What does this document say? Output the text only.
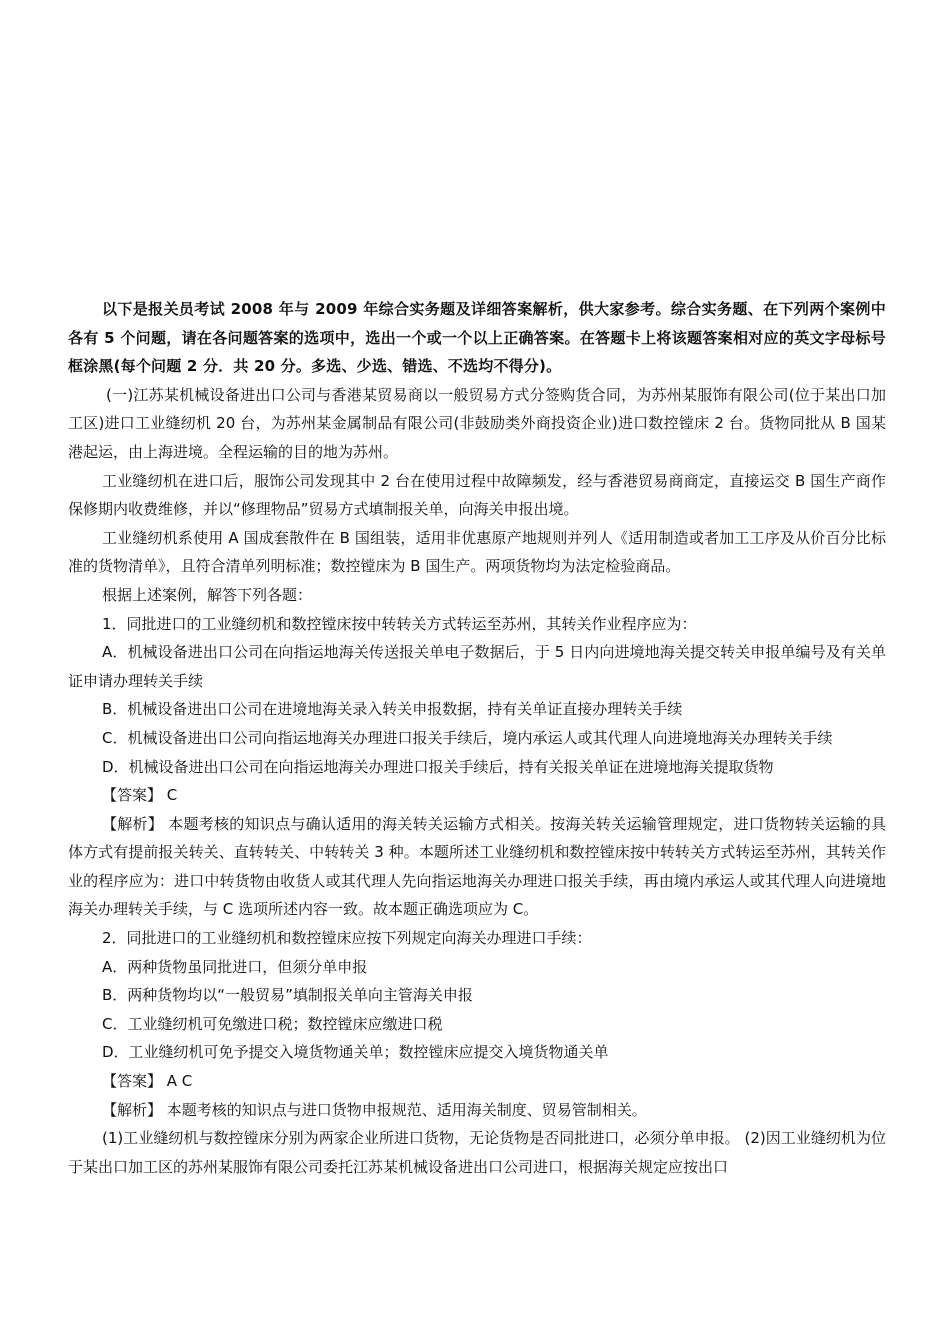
以下是报关员考试 2008 年与 2009 年综合实务题及详细答案解析，供大家参考。综合实务题、在下列两个案例中各有 5 个问题，请在各问题答案的选项中，选出一个或一个以上正确答案。在答题卡上将该题答案相对应的英文字母标号框涂黑(每个问题 2 分．共 20 分。多选、少选、错选、不选均不得分)。

(一)江苏某机械设备进出口公司与香港某贸易商以一般贸易方式分签购货合同，为苏州某服饰有限公司(位于某出口加工区)进口工业缝纫机 20 台，为苏州某金属制品有限公司(非鼓励类外商投资企业)进口数控镗床 2 台。货物同批从 B 国某港起运，由上海进境。全程运输的目的地为苏州。

工业缝纫机在进口后，服饰公司发现其中 2 台在使用过程中故障频发，经与香港贸易商商定，直接运交 B 国生产商作保修期内收费维修，并以“修理物品”贸易方式填制报关单，向海关申报出境。

工业缝纫机系使用 A 国成套散件在 B 国组装，适用非优惠原产地规则并列人《适用制造或者加工工序及从价百分比标准的货物清单》，且符合清单列明标准；数控镗床为 B 国生产。两项货物均为法定检验商品。

根据上述案例，解答下列各题：

1．同批进口的工业缝纫机和数控镗床按中转转关方式转运至苏州，其转关作业程序应为：

A．机械设备进出口公司在向指运地海关传送报关单电子数据后，于 5 日内向进境地海关提交转关申报单编号及有关单证申请办理转关手续

B．机械设备进出口公司在进境地海关录入转关申报数据，持有关单证直接办理转关手续

C．机械设备进出口公司向指运地海关办理进口报关手续后，境内承运人或其代理人向进境地海关办理转关手续

D．机械设备进出口公司在向指运地海关办理进口报关手续后，持有关报关单证在进境地海关提取货物

【答案】 C

【解析】 本题考核的知识点与确认适用的海关转关运输方式相关。按海关转关运输管理规定，进口货物转关运输的具体方式有提前报关转关、直转转关、中转转关 3 种。本题所述工业缝纫机和数控镗床按中转转关方式转运至苏州，其转关作业的程序应为：进口中转货物由收货人或其代理人先向指运地海关办理进口报关手续，再由境内承运人或其代理人向进境地海关办理转关手续，与 C 选项所述内容一致。故本题正确选项应为 C。

2．同批进口的工业缝纫机和数控镗床应按下列规定向海关办理进口手续：

A．两种货物虽同批进口，但须分单申报

B．两种货物均以“一般贸易”填制报关单向主管海关申报

C．工业缝纫机可免缴进口税；数控镗床应缴进口税

D．工业缝纫机可免予提交入境货物通关单；数控镗床应提交入境货物通关单

【答案】 A C

【解析】 本题考核的知识点与进口货物申报规范、适用海关制度、贸易管制相关。

(1)工业缝纫机与数控镗床分别为两家企业所进口货物，无论货物是否同批进口，必须分单申报。 (2)因工业缝纫机为位于某出口加工区的苏州某服饰有限公司委托江苏某机械设备进出口公司进口，根据海关规定应按出口
